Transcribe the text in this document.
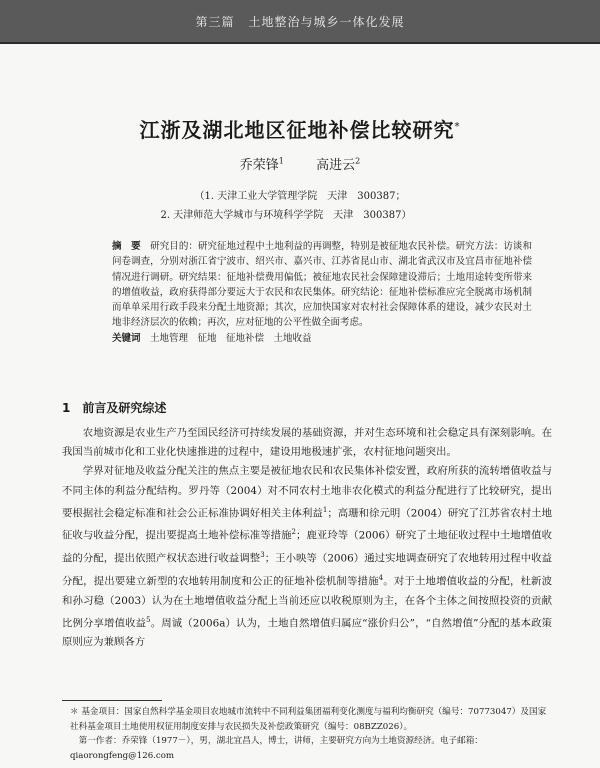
第三篇 土地整治与城乡一体化发展
江浙及湖北地区征地补偿比较研究*
乔荣锋$^1$ 高进云$^2$
（1. 天津工业大学管理学院　天津　300387；
2. 天津师范大学城市与环境科学学院　天津　300387）
摘　要　 研究目的：研究征地过程中土地利益的再调整，特别是被征地农民补偿。研究方法：访谈和问卷调查，分别对浙江省宁波市、绍兴市、嘉兴市、江苏省昆山市、湖北省武汉市及宜昌市征地补偿情况进行调研。研究结果：征地补偿费用偏低；被征地农民社会保障建设滞后；土地用途转变所带来的增值收益，政府获得部分要远大于农民和农民集体。研究结论：征地补偿标准应完全脱离市场机制而单单采用行政手段来分配土地资源；其次，应加快国家对农村社会保障体系的建设，减少农民对土地非经济层次的依赖；再次，应对征地的公平性做全面考虑。
关键词　 土地管理　征地　征地补偿　土地收益
1　 前言及研究综述

农地资源是农业生产乃至国民经济可持续发展的基础资源，并对生态环境和社会稳定具有深刻影响。在我国当前城市化和工业化快速推进的过程中，建设用地极速扩张，农村征地问题突出。

学界对征地及收益分配关注的焦点主要是被征地农民和农民集体补偿安置，政府所获的流转增值收益与不同主体的利益分配结构。罗丹等（2004）对不同农村土地非农化模式的利益分配进行了比较研究，提出要根据社会稳定标准和社会公正标准协调好相关主体利益$^1$；高珊和徐元明（2004）研究了江苏省农村土地征收与收益分配，提出要提高土地补偿标准等措施$^2$；鹿亚玲等（2006）研究了土地征收过程中土地增值收益的分配，提出依照产权状态进行收益调整$^3$；王小映等（2006）通过实地调查研究了农地转用过程中收益分配，提出要建立新型的农地转用制度和公正的征地补偿机制等措施$^4$。对于土地增值收益的分配，杜新波和孙习稳（2003）认为在土地增值收益分配上当前还应以收税原则为主，在各个主体之间按照投资的贡献比例分享增值收益$^5$。周诚（2006a）认为，土地自然增值归属应“涨价归公”，“自然增值”分配的基本政策原则应为兼顾各方

＊ 基金项目：国家自然科学基金项目农地城市流转中不同利益集团福利变化测度与福利均衡研究（编号：70773047）及国家社科基金项目土地使用权征用制度安排与农民损失及补偿政策研究（编号：08BZZ026）。

第一作者：乔荣锋（1977－），男，湖北宜昌人，博士，讲师，主要研究方向为土地资源经济。电子邮箱：qiaorongfeng@126.com
